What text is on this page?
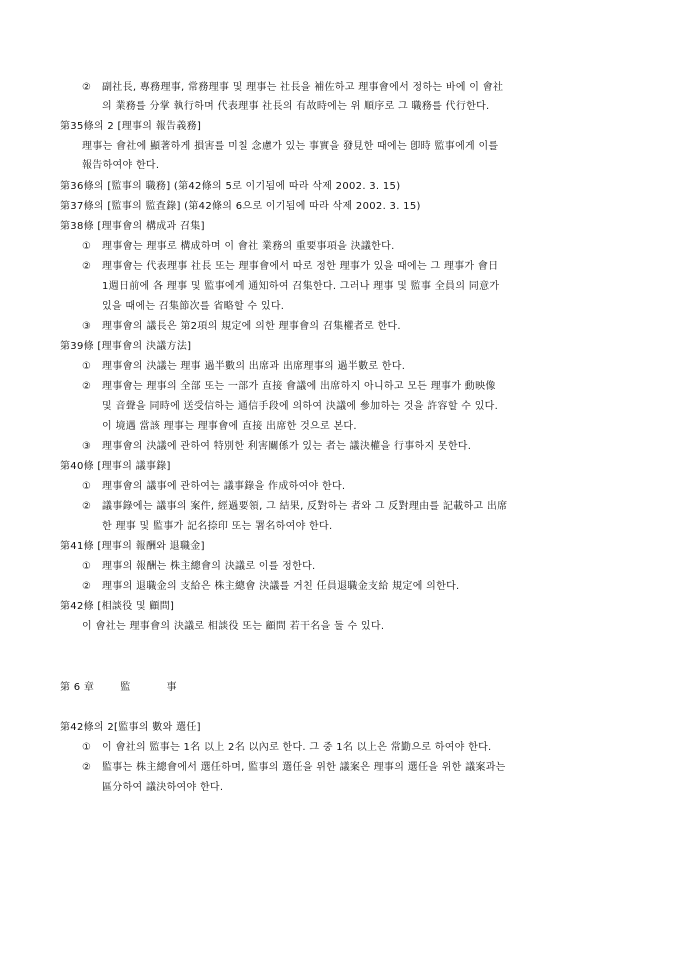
② 副社長, 專務理事, 常務理事 및 理事는 社長을 補佐하고 理事會에서 정하는 바에 이 會社
의 業務를 分掌 執行하며 代表理事 社長의 有故時에는 위 順序로 그 職務를 代行한다.
第35條의 2 [理事의 報告義務]
理事는 會社에 顯著하게 損害를 미칠 念慮가 있는 事實을 發見한 때에는 卽時 監事에게 이를
報告하여야 한다.
第36條의 [監事의 職務] (第42條의 5로 이기됨에 따라 삭제 2002. 3. 15)
第37條의 [監事의 監査錄] (第42條의 6으로 이기됨에 따라 삭제 2002. 3. 15)
第38條 [理事會의 構成과 召集]
① 理事會는 理事로 構成하며 이 會社 業務의 重要事項을 決議한다.
② 理事會는 代表理事 社長 또는 理事會에서 따로 정한 理事가 있을 때에는 그 理事가 會日
1週日前에 各 理事 및 監事에게 通知하여 召集한다. 그러나 理事 및 監事 全員의 同意가
있을 때에는 召集節次를 省略할 수 있다.
③ 理事會의 議長은 第2項의 規定에 의한 理事會의 召集權者로 한다.
第39條 [理事會의 決議方法]
① 理事會의 決議는 理事 過半數의 出席과 出席理事의 過半數로 한다.
② 理事會는 理事의 全部 또는 一部가 直接 會議에 出席하지 아니하고 모든 理事가 動映像
및 音聲을 同時에 送受信하는 通信手段에 의하여 決議에 參加하는 것을 許容할 수 있다.
이 境遇 當該 理事는 理事會에 直接 出席한 것으로 본다.
③ 理事會의 決議에 관하여 特別한 利害關係가 있는 者는 議決權을 行事하지 못한다.
第40條 [理事의 議事錄]
① 理事會의 議事에 관하여는 議事錄을 作成하여야 한다.
② 議事錄에는 議事의 案件, 經過要領, 그 結果, 反對하는 者와 그 反對理由를 記載하고 出席
한 理事 및 監事가 記名捺印 또는 署名하여야 한다.
第41條 [理事의 報酬와 退職金]
① 理事의 報酬는 株主總會의 決議로 이를 정한다.
② 理事의 退職金의 支給은 株主總會 決議를 거친 任員退職金支給 規定에 의한다.
第42條 [相談役 및 顧問]
이 會社는 理事會의 決議로 相談役 또는 顧問 若干名을 둘 수 있다.
第 6 章	監	事
第42條의 2[監事의 數와 選任]
① 이 會社의 監事는 1名 以上 2名 以內로 한다. 그 중 1名 以上은 常勤으로 하여야 한다.
② 監事는 株主總會에서 選任하며, 監事의 選任을 위한 議案은 理事의 選任을 위한 議案과는
區分하여 議決하여야 한다.
